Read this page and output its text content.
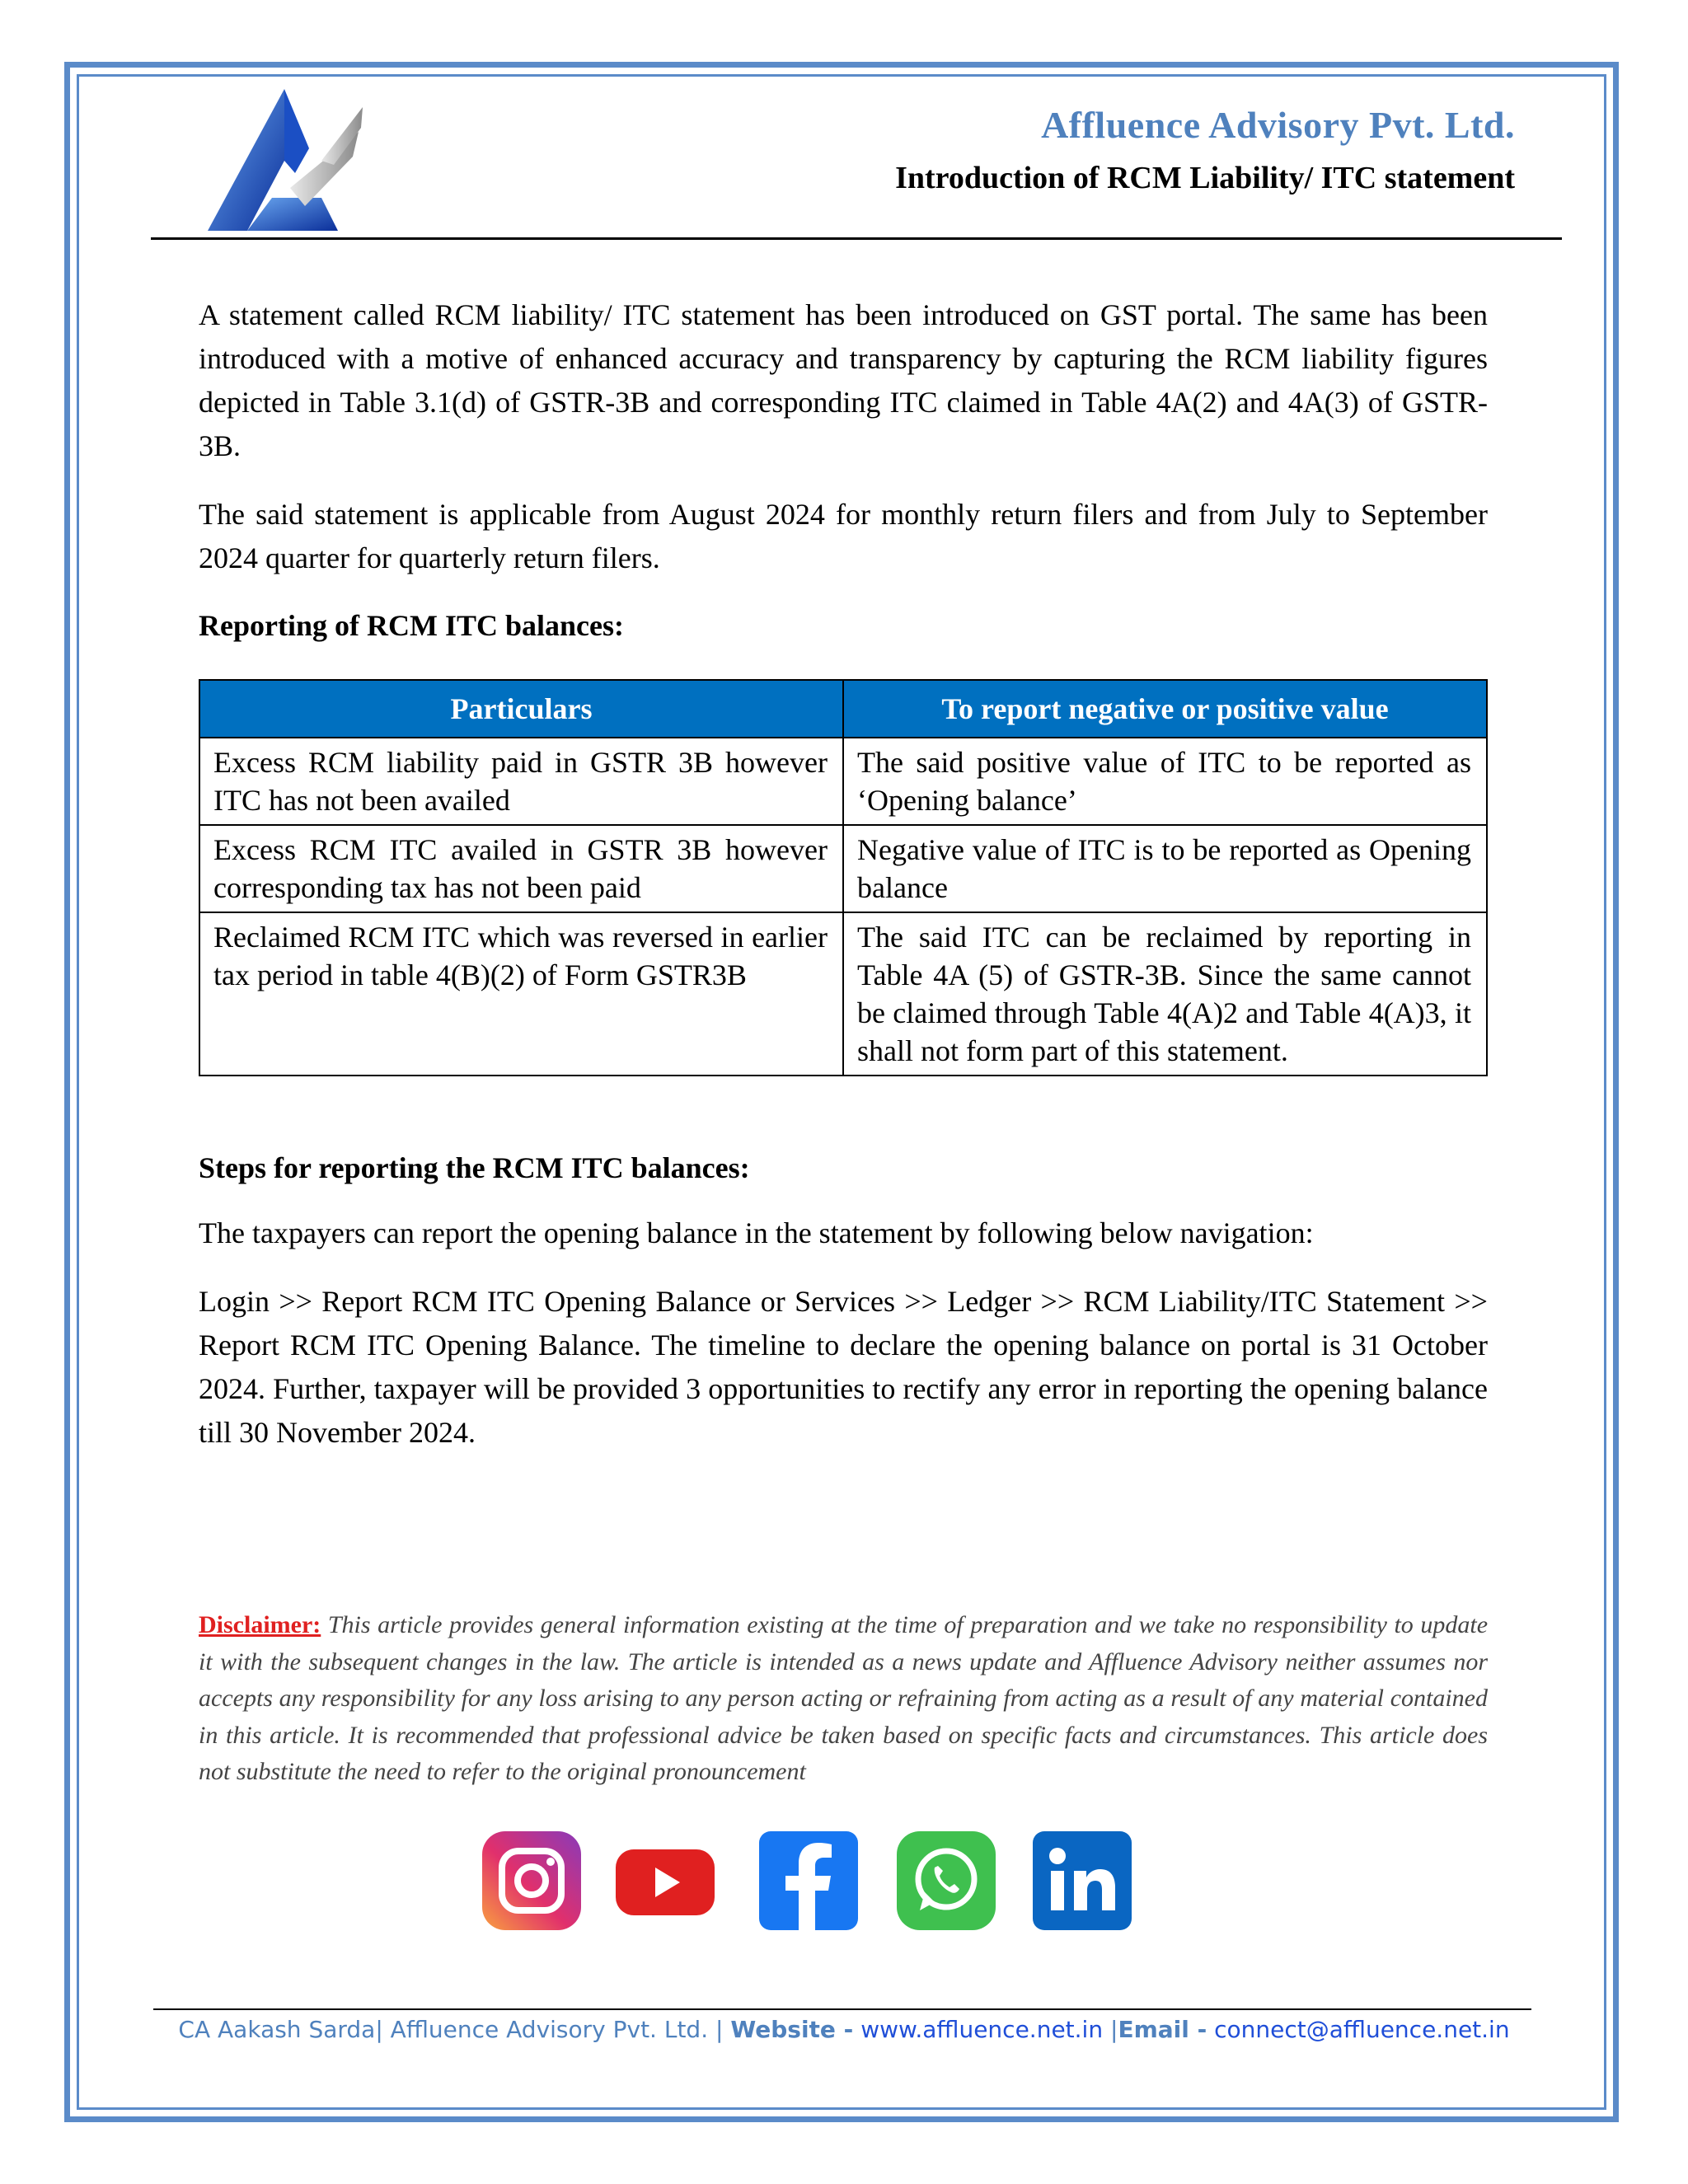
Affluence Advisory Pvt. Ltd.
Introduction of RCM Liability/ ITC statement

A statement called RCM liability/ ITC statement has been introduced on GST portal. The same has been introduced with a motive of enhanced accuracy and transparency by capturing the RCM liability figures depicted in Table 3.1(d) of GSTR-3B and corresponding ITC claimed in Table 4A(2) and 4A(3) of GSTR-3B.

The said statement is applicable from August 2024 for monthly return filers and from July to September 2024 quarter for quarterly return filers.

Reporting of RCM ITC balances:
Particulars	To report negative or positive value
Excess RCM liability paid in GSTR 3B however ITC has not been availed	The said positive value of ITC to be reported as ‘Opening balance’
Excess RCM ITC availed in GSTR 3B however corresponding tax has not been paid	Negative value of ITC is to be reported as Opening balance
Reclaimed RCM ITC which was reversed in earlier tax period in table 4(B)(2) of Form GSTR3B	The said ITC can be reclaimed by reporting in Table 4A (5) of GSTR-3B. Since the same cannot be claimed through Table 4(A)2 and Table 4(A)3, it shall not form part of this statement.
Steps for reporting the RCM ITC balances:

The taxpayers can report the opening balance in the statement by following below navigation:

Login >> Report RCM ITC Opening Balance or Services >> Ledger >> RCM Liability/ITC Statement >> Report RCM ITC Opening Balance. The timeline to declare the opening balance on portal is 31 October 2024. Further, taxpayer will be provided 3 opportunities to rectify any error in reporting the opening balance till 30 November 2024.

Disclaimer: This article provides general information existing at the time of preparation and we take no responsibility to update it with the subsequent changes in the law. The article is intended as a news update and Affluence Advisory neither assumes nor accepts any responsibility for any loss arising to any person acting or refraining from acting as a result of any material contained in this article. It is recommended that professional advice be taken based on specific facts and circumstances. This article does not substitute the need to refer to the original pronouncement
CA Aakash Sarda| Affluence Advisory Pvt. Ltd. | Website - www.affluence.net.in |Email - connect@affluence.net.in
